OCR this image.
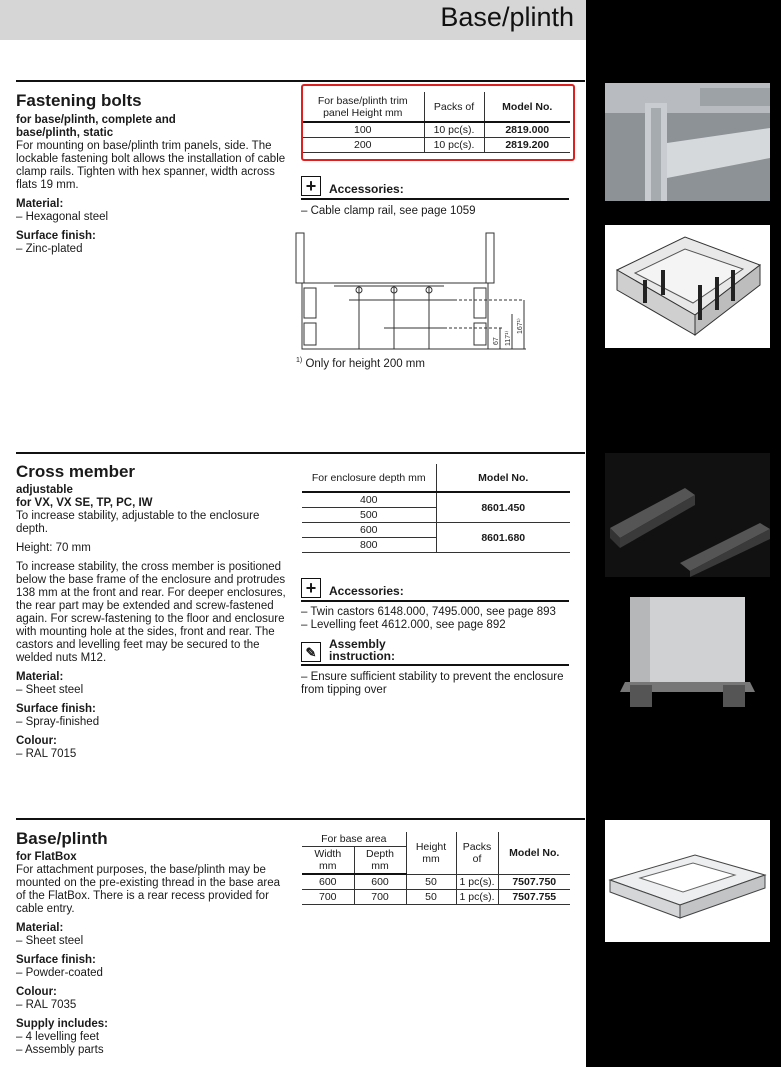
Base/plinth
Fastening bolts

for base/plinth, complete and base/plinth, static

For mounting on base/plinth trim panels, side. The lockable fastening bolt allows the installation of cable clamp rails. Tighten with hex spanner, width across flats 19 mm.

Material:

– Hexagonal steel

Surface finish:

– Zinc-plated

For base/plinth trim panel Height mm	Packs of	Model No.
100	10 pc(s).	2819.000
200	10 pc(s).	2819.200
+	Accessories:

– Cable clamp rail, see page 1059

67 117¹⁾
167¹⁾
$^{1)}$ Only for height 200 mm
Cross member

adjustable

for VX, VX SE, TP, PC, IW

To increase stability, adjustable to the enclosure depth.

Height: 70 mm

To increase stability, the cross member is positioned below the base frame of the enclosure and protrudes 138 mm at the front and rear. For deeper enclosures, the rear part may be extended and screw-fastened again. For screw-fastening to the floor and enclosure with mounting hole at the sides, front and rear. The castors and levelling feet may be secured to the welded nuts M12.

Material:

– Sheet steel

Surface finish:

– Spray-finished

Colour:

– RAL 7015

For enclosure depth mm	Model No.
400	8601.450
500	
600	8601.680
800	
+	Accessories:

– Twin castors 6148.000, 7495.000, see page 893

– Levelling feet 4612.000, see page 892

✎
Assembly instruction:

– Ensure sufficient stability to prevent the enclosure from tipping over

Base/plinth

for FlatBox

For attachment purposes, the base/plinth may be mounted on the pre-existing thread in the base area of the FlatBox. There is a rear recess provided for cable entry.

Material:

– Sheet steel

Surface finish:

– Powder-coated

Colour:

– RAL 7035

Supply includes:

– 4 levelling feet

– Assembly parts

For base area		Height mm	Packs of	Model No.
Width mm	Depth mm			
600	600	50	1 pc(s).	7507.750
700	700	50	1 pc(s).	7507.755
